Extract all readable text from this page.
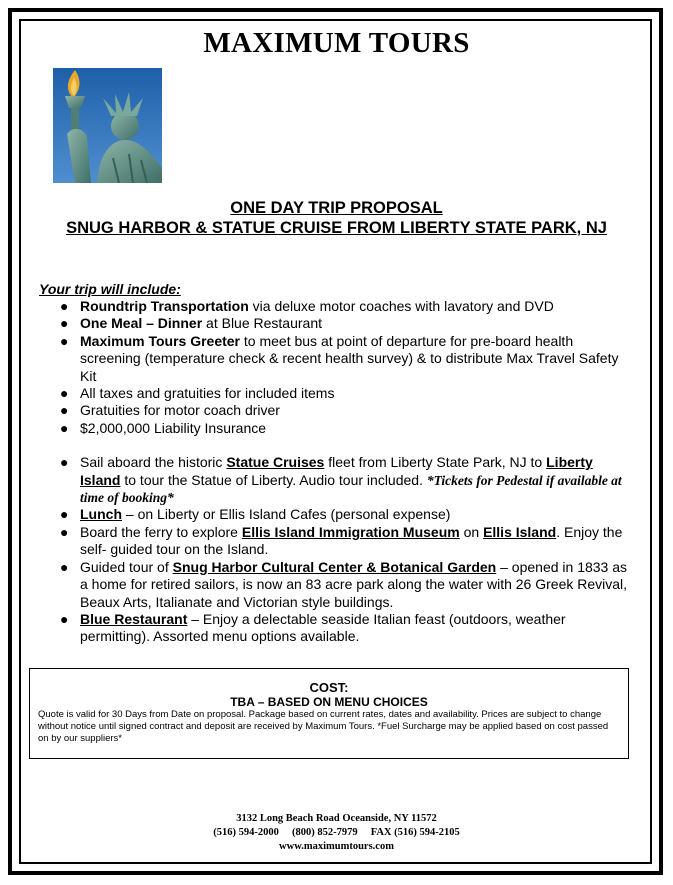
MAXIMUM TOURS
ONE DAY TRIP PROPOSAL
SNUG HARBOR & STATUE CRUISE FROM LIBERTY STATE PARK, NJ
Your trip will include:
● Roundtrip Transportation via deluxe motor coaches with lavatory and DVD
● One Meal – Dinner at Blue Restaurant
● Maximum Tours Greeter to meet bus at point of departure for pre-board health screening (temperature check & recent health survey) & to distribute Max Travel Safety Kit
● All taxes and gratuities for included items
● Gratuities for motor coach driver
● $2,000,000 Liability Insurance
● Sail aboard the historic Statue Cruises fleet from Liberty State Park, NJ to Liberty Island to tour the Statue of Liberty. Audio tour included. *Tickets for Pedestal if available at time of booking*
● Lunch – on Liberty or Ellis Island Cafes (personal expense)
● Board the ferry to explore Ellis Island Immigration Museum on Ellis Island. Enjoy the self- guided tour on the Island.
● Guided tour of Snug Harbor Cultural Center & Botanical Garden – opened in 1833 as a home for retired sailors, is now an 83 acre park along the water with 26 Greek Revival, Beaux Arts, Italianate and Victorian style buildings.
● Blue Restaurant – Enjoy a delectable seaside Italian feast (outdoors, weather permitting). Assorted menu options available.
COST:
TBA – BASED ON MENU CHOICES
Quote is valid for 30 Days from Date on proposal. Package based on current rates, dates and availability. Prices are subject to change without notice until signed contract and deposit are received by Maximum Tours. *Fuel Surcharge may be applied based on cost passed on by our suppliers*
3132 Long Beach Road Oceanside, NY 11572
(516) 594-2000     (800) 852-7979     FAX (516) 594-2105
www.maximumtours.com
